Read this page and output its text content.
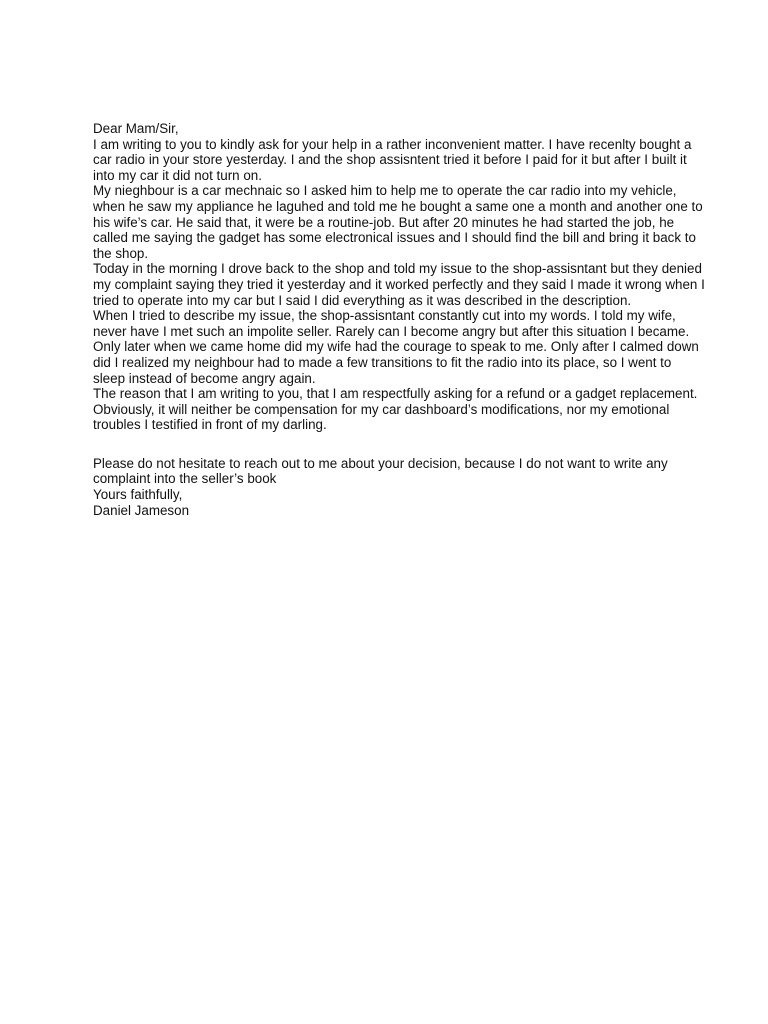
Dear Mam/Sir,

I am writing to you to kindly ask for your help in a rather inconvenient matter. I have recenlty bought a car radio in your store yesterday. I and the shop assisntent tried it before I paid for it but after I built it into my car it did not turn on.

My nieghbour is a car mechnaic so I asked him to help me to operate the car radio into my vehicle, when he saw my appliance he laguhed and told me he bought a same one a month and another one to his wife’s car. He said that, it were be a routine-job. But after 20 minutes he had started the job, he called me saying the gadget has some electronical issues and I should find the bill and bring it back to the shop.

Today in the morning I drove back to the shop and told my issue to the shop-assisntant but they denied my complaint saying they tried it yesterday and it worked perfectly and they said I made it wrong when I tried to operate into my car but I said I did everything as it was described in the description.

When I tried to describe my issue, the shop-assisntant constantly cut into my words. I told my wife, never have I met such an impolite seller. Rarely can I become angry but after this situation I became. Only later when we came home did my wife had the courage to speak to me. Only after I calmed down did I realized my neighbour had to made a few transitions to fit the radio into its place, so I went to sleep instead of become angry again.

The reason that I am writing to you, that I am respectfully asking for a refund or a gadget replacement. Obviously, it will neither be compensation for my car dashboard’s modifications, nor my emotional troubles I testified in front of my darling.

Please do not hesitate to reach out to me about your decision, because I do not want to write any complaint into the seller’s book

Yours faithfully,

Daniel Jameson
